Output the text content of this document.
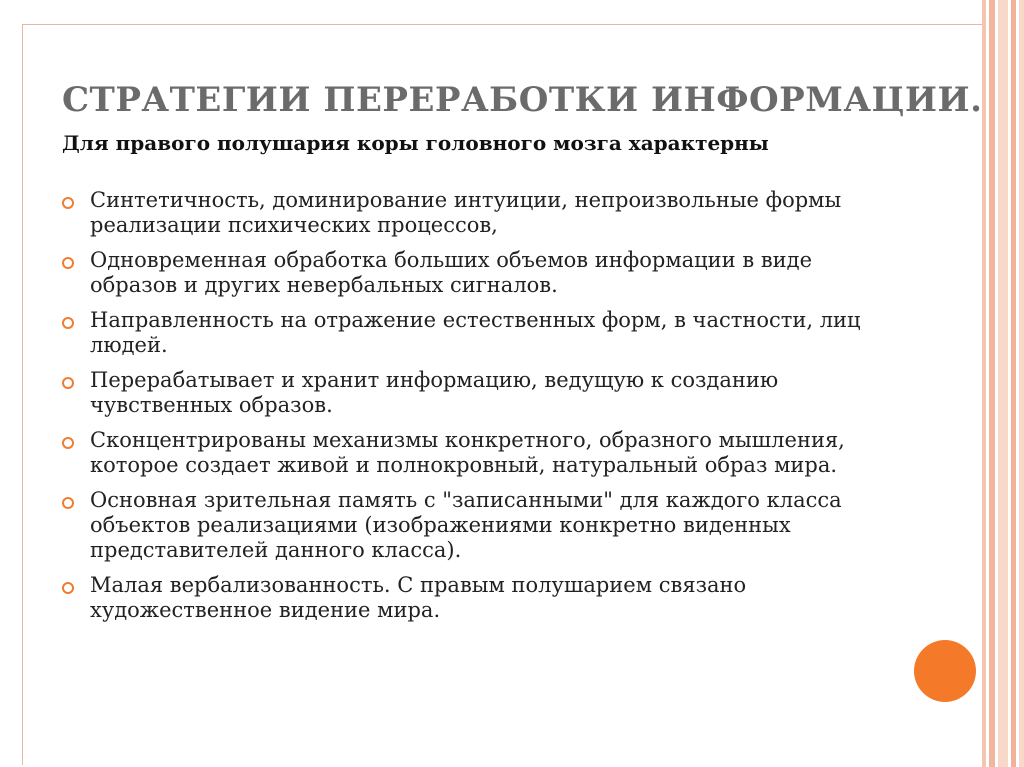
СТРАТЕГИИ ПЕРЕРАБОТКИ ИНФОРМАЦИИ.
Для правого полушария коры головного мозга характерны
Синтетичность, доминирование интуиции, непроизвольные формы реализации психических процессов,
Одновременная обработка больших объемов информации в виде образов и других невербальных сигналов.
Направленность на отражение естественных форм, в частности, лиц людей.
Перерабатывает и хранит информацию, ведущую к созданию чувственных образов.
Сконцентрированы механизмы конкретного, образного мышления, которое создает живой и полнокровный, натуральный образ мира.
Основная зрительная память с "записанными" для каждого класса объектов реализациями (изображениями конкретно виденных представителей данного класса).
Малая вербализованность. С правым полушарием связано художественное видение мира.
